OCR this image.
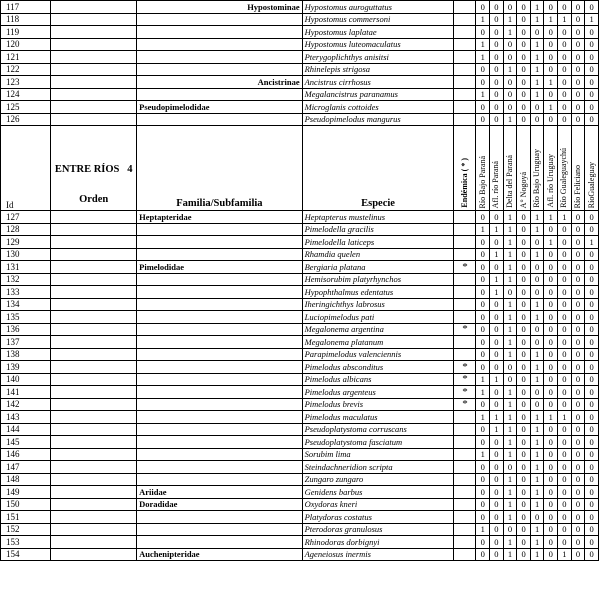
117		Hypostominae	Hypostomus auroguttatus		0	0	0	0	1	0	0	0	0
118			Hypostomus commersoni		1	0	1	0	1	1	1	0	1
119			Hypostomus laplatae		0	0	1	0	0	0	0	0	0
120			Hypostomus luteomaculatus		1	0	0	0	1	0	0	0	0
121			Pterygoplichthys anisitsi		1	0	0	0	1	0	0	0	0
122			Rhinelepis strigosa		0	0	1	0	1	0	0	0	0
123		Ancistrinae	Ancistrus cirrhosus		0	0	0	0	1	1	0	0	0
124			Megalancistrus paranamus		1	0	0	0	1	0	0	0	0
125		Pseudopimelodidae	Microglanis cottoides		0	0	0	0	0	1	0	0	0
126			Pseudopimelodus mangurus		0	0	1	0	0	0	0	0	0
Id	ENTRE RÍOS 4
Orden	Familia/Subfamilia	Especie	Endémica ( * )	Río Bajo Paraná	Afl. río Paraná	Delta del Paraná	A° Nogoyá	Río Bajo Uruguay	Afl. río Uruguay	Río Gualeguaychú	Río Feliciano	RíoGualeguay
127		Heptapteridae	Heptapterus mustelinus		0	0	1	0	1	1	1	0	0
128			Pimelodella gracilis		1	1	1	0	1	0	0	0	0
129			Pimelodella laticeps		0	0	1	0	0	1	0	0	1
130			Rhamdia quelen		0	1	1	0	1	0	0	0	0
131		Pimelodidae	Bergiaria platana	*	0	0	1	0	0	0	0	0	0
132			Hemisorubim platyrhynchos		0	1	1	0	0	0	0	0	0
133			Hypophthalmus edentatus		0	1	0	0	0	0	0	0	0
134			Iheringichthys labrosus		0	0	1	0	1	0	0	0	0
135			Luciopimelodus pati		0	0	1	0	1	0	0	0	0
136			Megalonema argentina	*	0	0	1	0	0	0	0	0	0
137			Megalonema platanum		0	0	1	0	0	0	0	0	0
138			Parapimelodus valenciennis		0	0	1	0	1	0	0	0	0
139			Pimelodus absconditus	*	0	0	0	0	1	0	0	0	0
140			Pimelodus albicans	*	1	1	0	0	1	0	0	0	0
141			Pimelodus argenteus	*	1	0	1	0	0	0	0	0	0
142			Pimelodus brevis	*	0	0	1	0	0	0	0	0	0
143			Pimelodus maculatus		1	1	1	0	1	1	1	0	0
144			Pseudoplatystoma corruscans		0	1	1	0	1	0	0	0	0
145			Pseudoplatystoma fasciatum		0	0	1	0	1	0	0	0	0
146			Sorubim lima		1	0	1	0	1	0	0	0	0
147			Steindachneridion scripta		0	0	0	0	1	0	0	0	0
148			Zungaro zungaro		0	0	1	0	1	0	0	0	0
149		Ariidae	Genidens barbus		0	0	1	0	1	0	0	0	0
150		Doradidae	Oxydoras kneri		0	0	1	0	1	0	0	0	0
151			Platydoras costatus		0	0	1	0	0	0	0	0	0
152			Pterodoras granulosus		1	0	0	0	1	0	0	0	0
153			Rhinodoras dorbignyi		0	0	1	0	1	0	0	0	0
154		Auchenipteridae	Ageneiosus inermis		0	0	1	0	1	0	1	0	0
